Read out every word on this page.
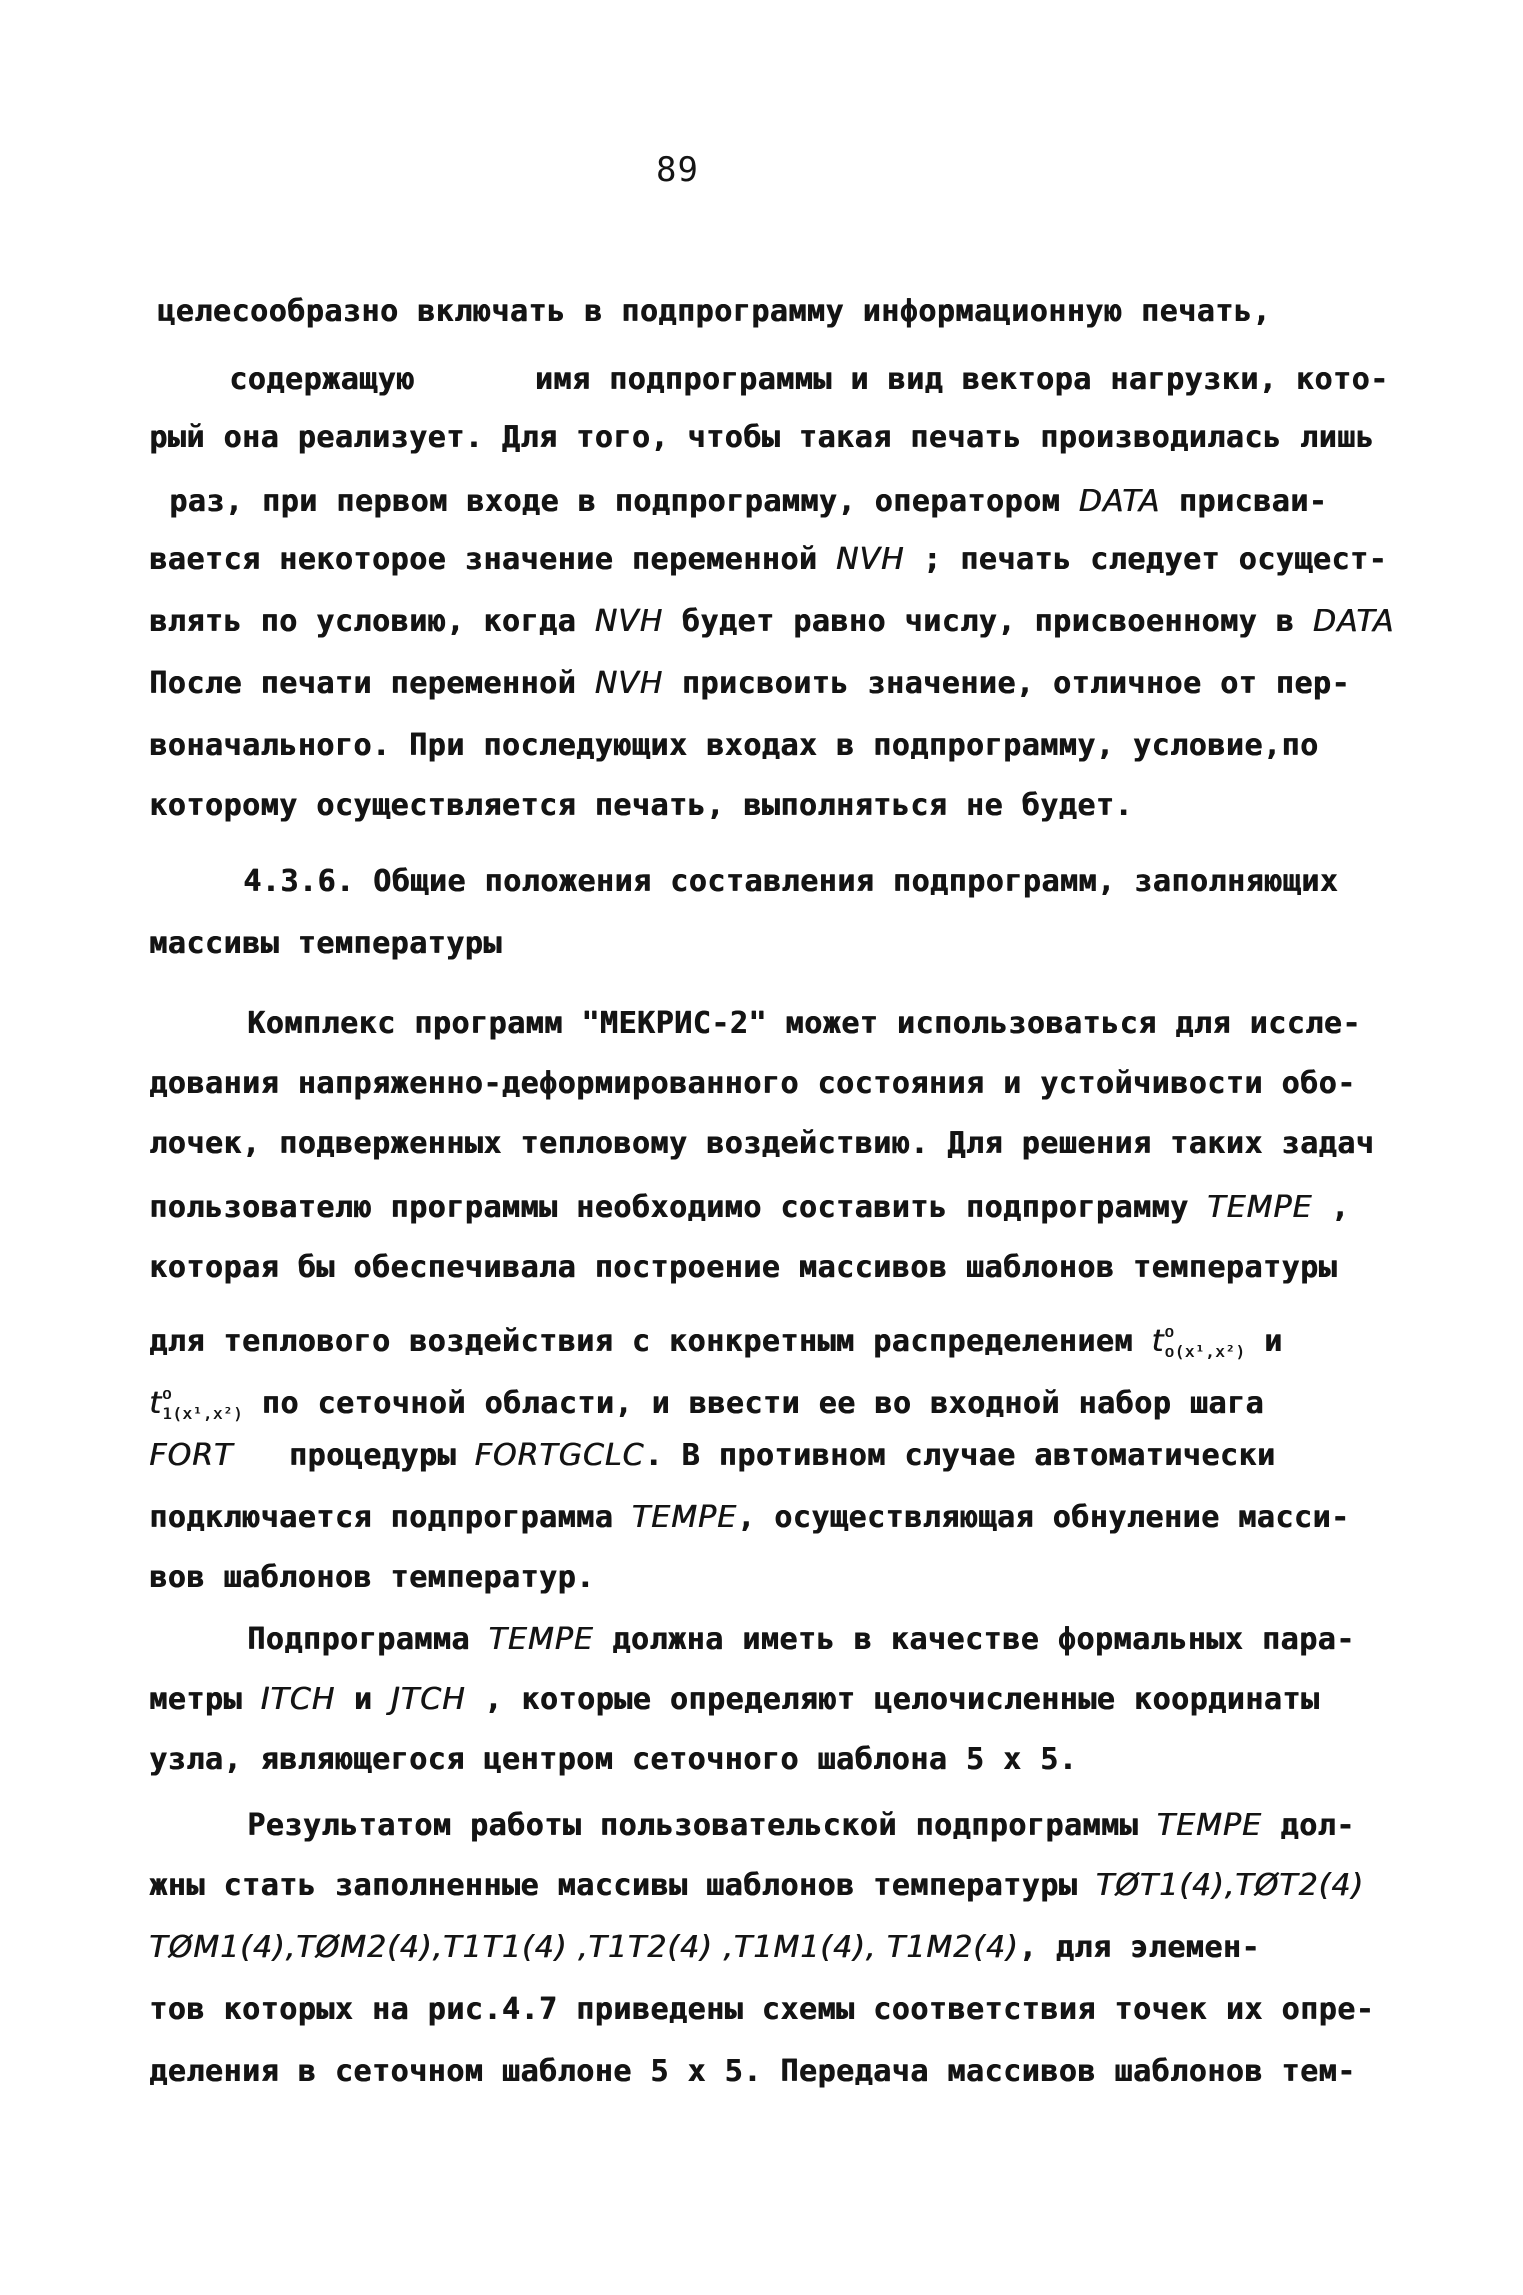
89

целесообразно включать в подпрограмму информационную печать,

содержащую	имя подпрограммы и вид вектора нагрузки, кото-

рый она реализует. Для того, чтобы такая печать производилась лишь

раз, при первом входе в подпрограмму, оператором DATA присваи-

вается некоторое значение переменной NVH ; печать следует осущест-

влять по условию, когда NVH будет равно числу, присвоенному в DATA

После печати переменной NVH присвоить значение, отличное от пер-

воначального. При последующих входах в подпрограмму, условие,по

которому осуществляется печать, выполняться не будет.

4.3.6. Общие положения составления подпрограмм, заполняющих

массивы температуры

Комплекс программ "МЕКРИС-2" может использоваться для иссле-

дования напряженно-деформированного состояния и устойчивости обо-

лочек, подверженных тепловому воздействию. Для решения таких задач

пользователю программы необходимо составить подпрограмму TEMPE ,

которая бы обеспечивала построение массивов шаблонов температуры

для теплового воздействия с конкретным распределением $t^o_{o(x^1,x^2)}$ и

$t^o_{1(x^1,x^2)}$ по сеточной области, и ввести ее во входной набор шага

FORT   процедуры FORTGCLC. В противном случае автоматически

подключается подпрограмма TEMPE, осуществляющая обнуление масси-

вов шаблонов температур.

Подпрограмма TEMPE должна иметь в качестве формальных пара-

метры ITCH и JTCH , которые определяют целочисленные координаты

узла, являющегося центром сеточного шаблона 5 х 5.

Результатом работы пользовательской подпрограммы TEMPE дол-

жны стать заполненные массивы шаблонов температуры TØT1(4),TØT2(4)

TØM1(4),TØM2(4),T1T1(4) ,T1T2(4) ,T1M1(4), T1M2(4), для элемен-

тов которых на рис.4.7 приведены схемы соответствия точек их опре-

деления в сеточном шаблоне 5 х 5. Передача массивов шаблонов тем-
